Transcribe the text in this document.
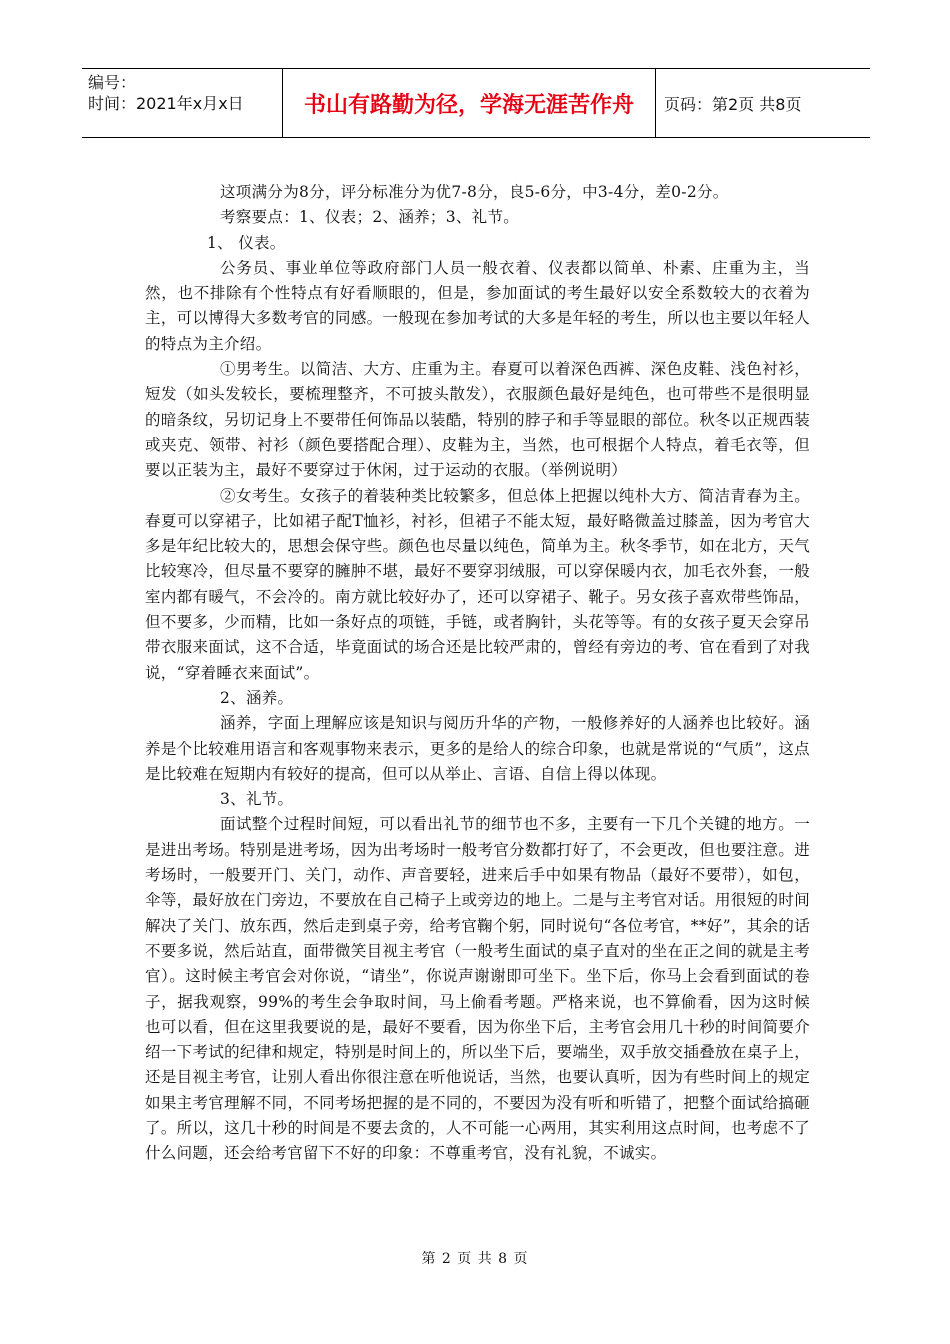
编号：
时间：2021年x月x日	书山有路勤为径，学海无涯苦作舟	页码：第2页 共8页

这项满分为8分，评分标准分为优7-8分，良5-6分，中3-4分，差0-2分。

考察要点：1、仪表；2、涵养；3、礼节。

1、 仪表。

公务员、事业单位等政府部门人员一般衣着、仪表都以简单、朴素、庄重为主，当然，也不排除有个性特点有好看顺眼的，但是，参加面试的考生最好以安全系数较大的衣着为主，可以博得大多数考官的同感。一般现在参加考试的大多是年轻的考生，所以也主要以年轻人的特点为主介绍。

①男考生。以简洁、大方、庄重为主。春夏可以着深色西裤、深色皮鞋、浅色衬衫，短发（如头发较长，要梳理整齐，不可披头散发），衣服颜色最好是纯色，也可带些不是很明显的暗条纹，另切记身上不要带任何饰品以装酷，特别的脖子和手等显眼的部位。秋冬以正规西装或夹克、领带、衬衫（颜色要搭配合理）、皮鞋为主，当然，也可根据个人特点，着毛衣等，但要以正装为主，最好不要穿过于休闲，过于运动的衣服。（举例说明）

②女考生。女孩子的着装种类比较繁多，但总体上把握以纯朴大方、简洁青春为主。春夏可以穿裙子，比如裙子配T恤衫，衬衫，但裙子不能太短，最好略微盖过膝盖，因为考官大多是年纪比较大的，思想会保守些。颜色也尽量以纯色，简单为主。秋冬季节，如在北方，天气比较寒冷，但尽量不要穿的臃肿不堪，最好不要穿羽绒服，可以穿保暖内衣，加毛衣外套，一般室内都有暖气，不会冷的。南方就比较好办了，还可以穿裙子、靴子。另女孩子喜欢带些饰品，但不要多，少而精，比如一条好点的项链，手链，或者胸针，头花等等。有的女孩子夏天会穿吊带衣服来面试，这不合适，毕竟面试的场合还是比较严肃的，曾经有旁边的考、官在看到了对我说，“穿着睡衣来面试”。

2、涵养。

涵养，字面上理解应该是知识与阅历升华的产物，一般修养好的人涵养也比较好。涵养是个比较难用语言和客观事物来表示，更多的是给人的综合印象，也就是常说的“气质”，这点是比较难在短期内有较好的提高，但可以从举止、言语、自信上得以体现。

3、礼节。

面试整个过程时间短，可以看出礼节的细节也不多，主要有一下几个关键的地方。一是进出考场。特别是进考场，因为出考场时一般考官分数都打好了，不会更改，但也要注意。进考场时，一般要开门、关门，动作、声音要轻，进来后手中如果有物品（最好不要带），如包，伞等，最好放在门旁边，不要放在自己椅子上或旁边的地上。二是与主考官对话。用很短的时间解决了关门、放东西，然后走到桌子旁，给考官鞠个躬，同时说句“各位考官，**好”，其余的话不要多说，然后站直，面带微笑目视主考官（一般考生面试的桌子直对的坐在正之间的就是主考官）。这时候主考官会对你说，“请坐”，你说声谢谢即可坐下。坐下后，你马上会看到面试的卷子，据我观察，99%的考生会争取时间，马上偷看考题。严格来说，也不算偷看，因为这时候也可以看，但在这里我要说的是，最好不要看，因为你坐下后，主考官会用几十秒的时间简要介绍一下考试的纪律和规定，特别是时间上的，所以坐下后，要端坐，双手放交插叠放在桌子上，还是目视主考官，让别人看出你很注意在听他说话，当然，也要认真听，因为有些时间上的规定如果主考官理解不同，不同考场把握的是不同的，不要因为没有听和听错了，把整个面试给搞砸了。所以，这几十秒的时间是不要去贪的，人不可能一心两用，其实利用这点时间，也考虑不了什么问题，还会给考官留下不好的印象：不尊重考官，没有礼貌，不诚实。

第 2 页 共 8 页
